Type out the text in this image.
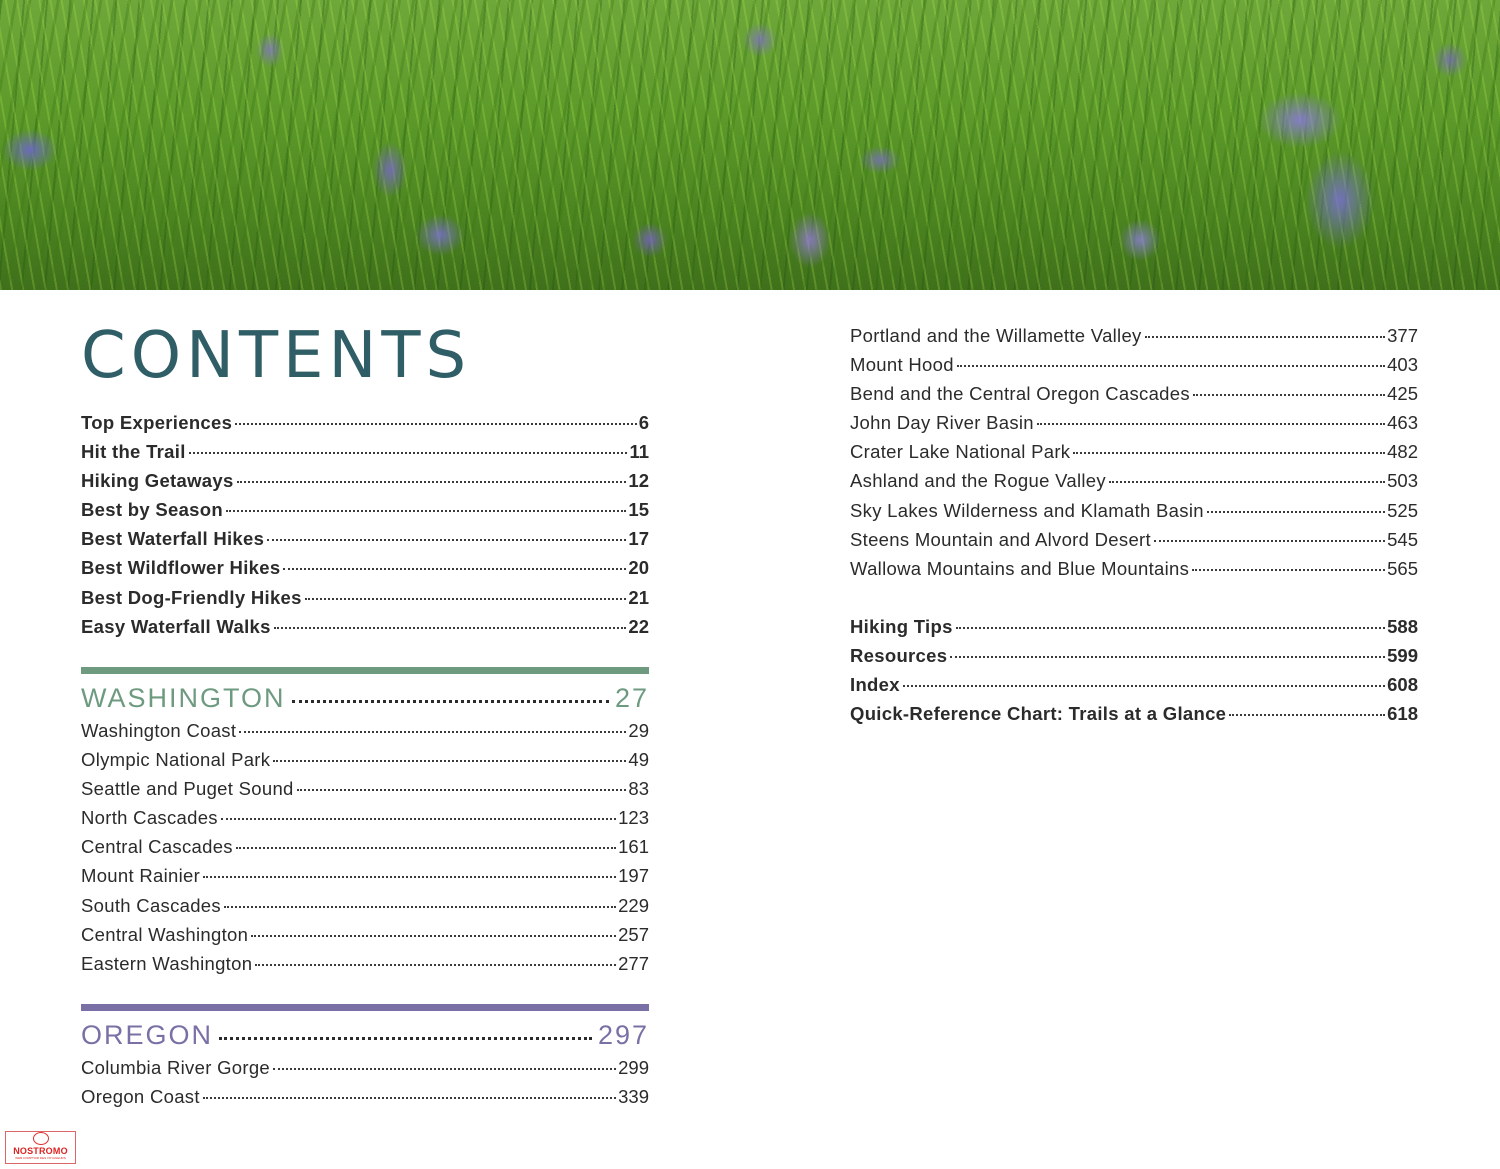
CONTENTS
Top Experiences	6
Hit the Trail	11
Hiking Getaways	12
Best by Season	15
Best Waterfall Hikes	17
Best Wildflower Hikes	20
Best Dog-Friendly Hikes	21
Easy Waterfall Walks	22
WASHINGTON	27
Washington Coast	29
Olympic National Park	49
Seattle and Puget Sound	83
North Cascades	123
Central Cascades	161
Mount Rainier	197
South Cascades	229
Central Washington	257
Eastern Washington	277
OREGON	297
Columbia River Gorge	299
Oregon Coast	339
Portland and the Willamette Valley	377
Mount Hood	403
Bend and the Central Oregon Cascades	425
John Day River Basin	463
Crater Lake National Park	482
Ashland and the Rogue Valley	503
Sky Lakes Wilderness and Klamath Basin	525
Steens Mountain and Alvord Desert	545
Wallowa Mountains and Blue Mountains	565
Hiking Tips	588
Resources	599
Index	608
Quick-Reference Chart: Trails at a Glance	618
NOSTROMO
WEB COMPTOIR DES VOYAGEURS
